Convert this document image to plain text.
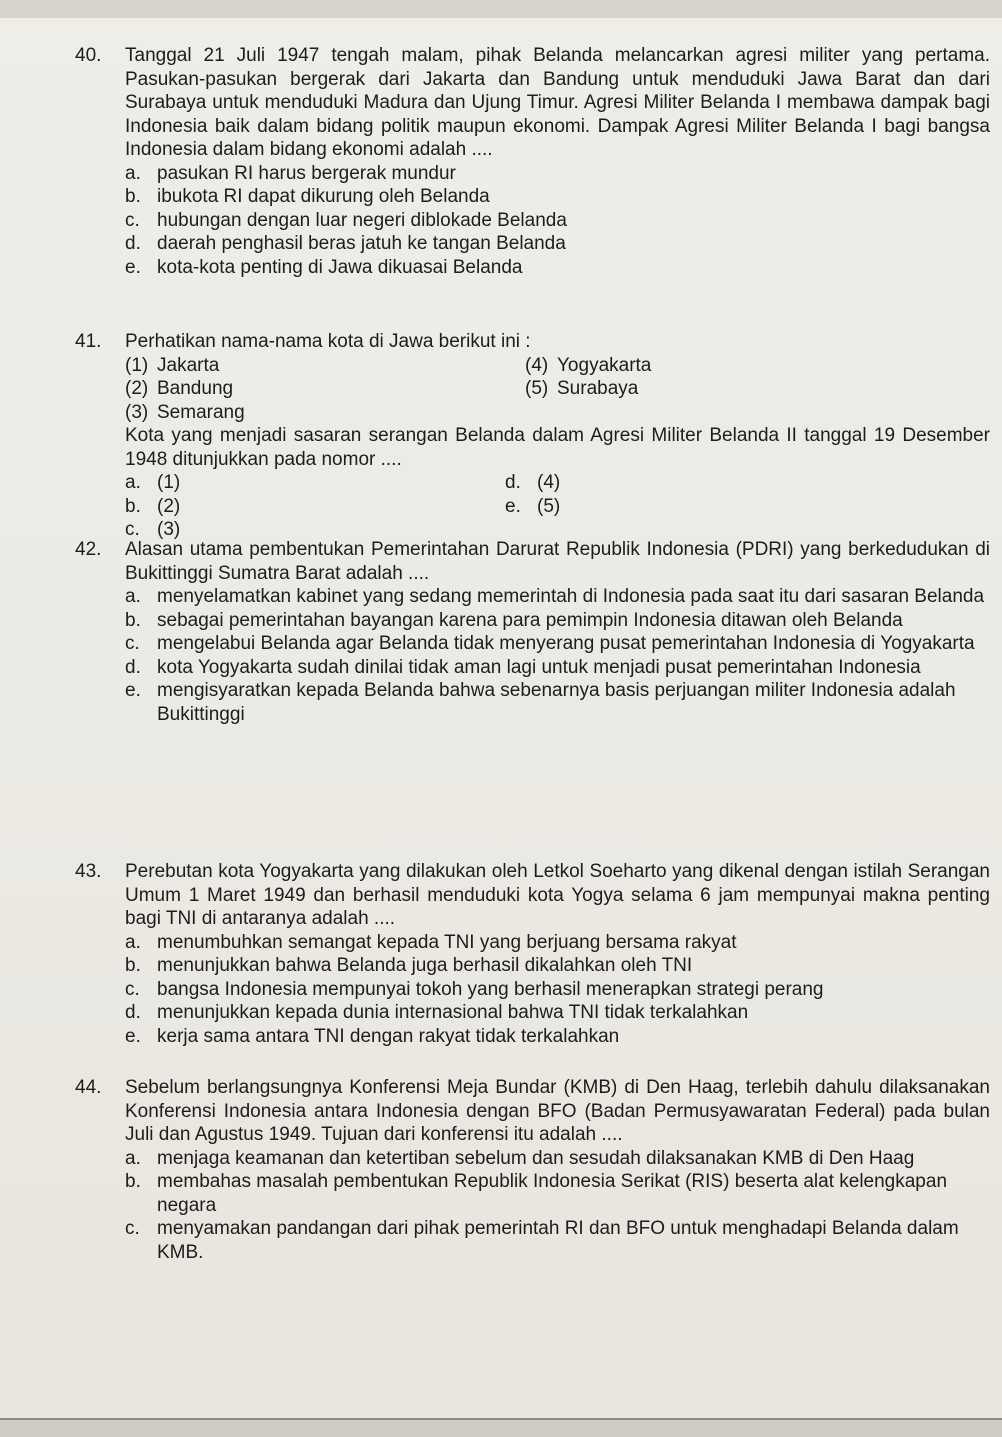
40. Tanggal 21 Juli 1947 tengah malam, pihak Belanda melancarkan agresi militer yang pertama. Pasukan-pasukan bergerak dari Jakarta dan Bandung untuk menduduki Jawa Barat dan dari Surabaya untuk menduduki Madura dan Ujung Timur. Agresi Militer Belanda I membawa dampak bagi Indonesia baik dalam bidang politik maupun ekonomi. Dampak Agresi Militer Belanda I bagi bangsa Indonesia dalam bidang ekonomi adalah ....
a. pasukan RI harus bergerak mundur
b. ibukota RI dapat dikurung oleh Belanda
c. hubungan dengan luar negeri diblokade Belanda
d. daerah penghasil beras jatuh ke tangan Belanda
e. kota-kota penting di Jawa dikuasai Belanda
41. Perhatikan nama-nama kota di Jawa berikut ini :
(1) Jakarta	(4) Yogyakarta
(2) Bandung	(5) Surabaya
(3) Semarang
Kota yang menjadi sasaran serangan Belanda dalam Agresi Militer Belanda II tanggal 19 Desember 1948 ditunjukkan pada nomor ....
a. (1)	d. (4)
b. (2)	e. (5)
c. (3)
42. Alasan utama pembentukan Pemerintahan Darurat Republik Indonesia (PDRI) yang berkedudukan di Bukittinggi Sumatra Barat adalah ....
a. menyelamatkan kabinet yang sedang memerintah di Indonesia pada saat itu dari sasaran Belanda
b. sebagai pemerintahan bayangan karena para pemimpin Indonesia ditawan oleh Belanda
c. mengelabui Belanda agar Belanda tidak menyerang pusat pemerintahan Indonesia di Yogyakarta
d. kota Yogyakarta sudah dinilai tidak aman lagi untuk menjadi pusat pemerintahan Indonesia
e. mengisyaratkan kepada Belanda bahwa sebenarnya basis perjuangan militer Indonesia adalah Bukittinggi
43. Perebutan kota Yogyakarta yang dilakukan oleh Letkol Soeharto yang dikenal dengan istilah Serangan Umum 1 Maret 1949 dan berhasil menduduki kota Yogya selama 6 jam mempunyai makna penting bagi TNI di antaranya adalah ....
a. menumbuhkan semangat kepada TNI yang berjuang bersama rakyat
b. menunjukkan bahwa Belanda juga berhasil dikalahkan oleh TNI
c. bangsa Indonesia mempunyai tokoh yang berhasil menerapkan strategi perang
d. menunjukkan kepada dunia internasional bahwa TNI tidak terkalahkan
e. kerja sama antara TNI dengan rakyat tidak terkalahkan
44. Sebelum berlangsungnya Konferensi Meja Bundar (KMB) di Den Haag, terlebih dahulu dilaksanakan Konferensi Indonesia antara Indonesia dengan BFO (Badan Permusyawaratan Federal) pada bulan Juli dan Agustus 1949. Tujuan dari konferensi itu adalah ....
a. menjaga keamanan dan ketertiban sebelum dan sesudah dilaksanakan KMB di Den Haag
b. membahas masalah pembentukan Republik Indonesia Serikat (RIS) beserta alat kelengkapan negara
c. menyamakan pandangan dari pihak pemerintah RI dan BFO untuk menghadapi Belanda dalam KMB.
